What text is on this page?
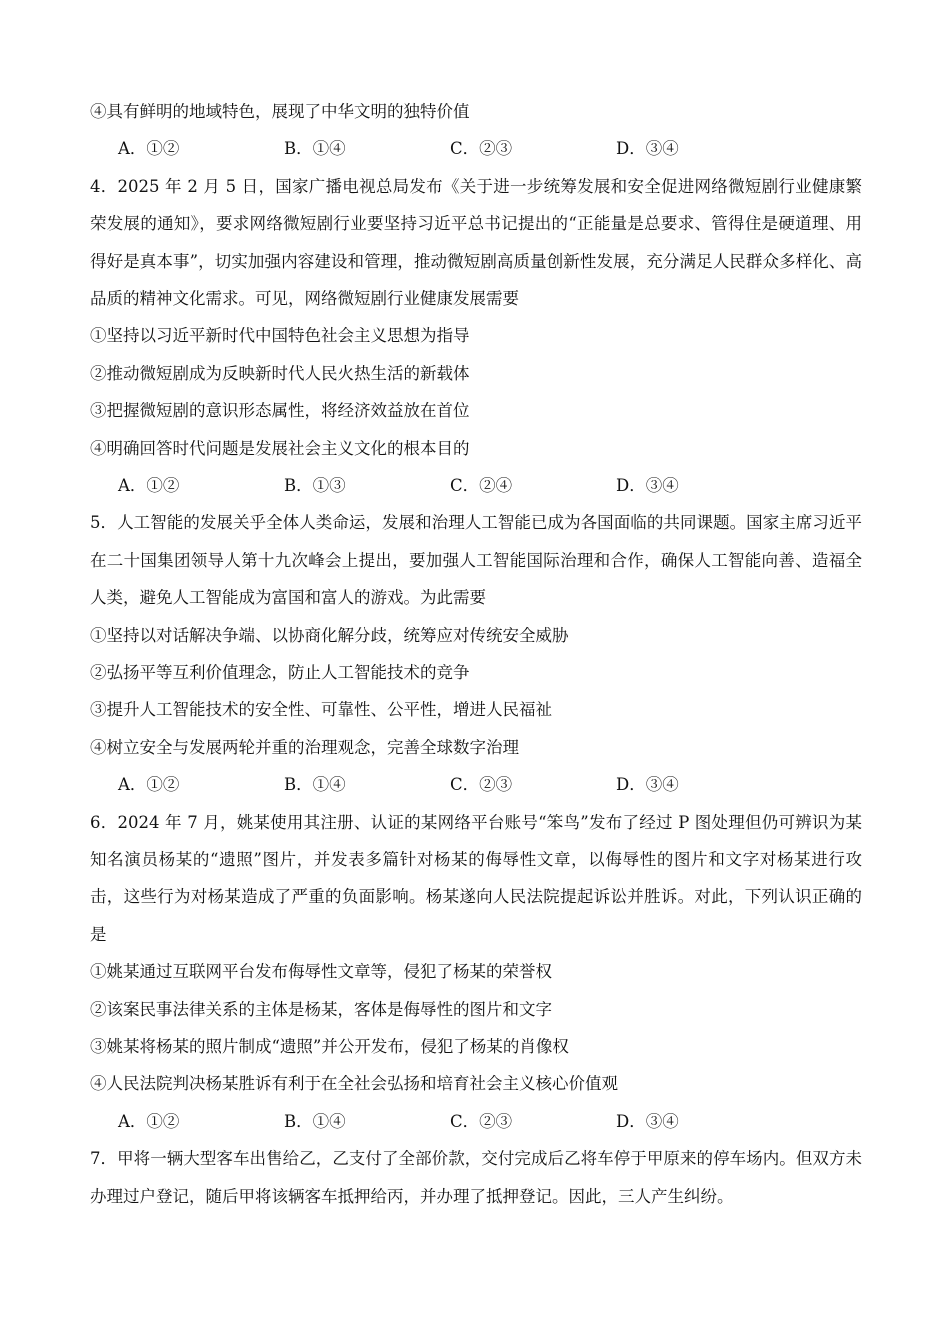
④具有鲜明的地域特色，展现了中华文明的独特价值
A．①②	B．①④	C．②③	D．③④
4．2025 年 2 月 5 日，国家广播电视总局发布《关于进一步统筹发展和安全促进网络微短剧行业健康繁荣发展的通知》，要求网络微短剧行业要坚持习近平总书记提出的“正能量是总要求、管得住是硬道理、用得好是真本事”，切实加强内容建设和管理，推动微短剧高质量创新性发展，充分满足人民群众多样化、高品质的精神文化需求。可见，网络微短剧行业健康发展需要
①坚持以习近平新时代中国特色社会主义思想为指导
②推动微短剧成为反映新时代人民火热生活的新载体
③把握微短剧的意识形态属性，将经济效益放在首位
④明确回答时代问题是发展社会主义文化的根本目的
A．①②	B．①③	C．②④	D．③④
5．人工智能的发展关乎全体人类命运，发展和治理人工智能已成为各国面临的共同课题。国家主席习近平在二十国集团领导人第十九次峰会上提出，要加强人工智能国际治理和合作，确保人工智能向善、造福全人类，避免人工智能成为富国和富人的游戏。为此需要
①坚持以对话解决争端、以协商化解分歧，统筹应对传统安全威胁
②弘扬平等互利价值理念，防止人工智能技术的竞争
③提升人工智能技术的安全性、可靠性、公平性，增进人民福祉
④树立安全与发展两轮并重的治理观念，完善全球数字治理
A．①②	B．①④	C．②③	D．③④
6．2024 年 7 月，姚某使用其注册、认证的某网络平台账号“笨鸟”发布了经过 P 图处理但仍可辨识为某知名演员杨某的“遗照”图片，并发表多篇针对杨某的侮辱性文章，以侮辱性的图片和文字对杨某进行攻击，这些行为对杨某造成了严重的负面影响。杨某遂向人民法院提起诉讼并胜诉。对此，下列认识正确的是
①姚某通过互联网平台发布侮辱性文章等，侵犯了杨某的荣誉权
②该案民事法律关系的主体是杨某，客体是侮辱性的图片和文字
③姚某将杨某的照片制成“遗照”并公开发布，侵犯了杨某的肖像权
④人民法院判决杨某胜诉有利于在全社会弘扬和培育社会主义核心价值观
A．①②	B．①④	C．②③	D．③④
7．甲将一辆大型客车出售给乙，乙支付了全部价款，交付完成后乙将车停于甲原来的停车场内。但双方未办理过户登记，随后甲将该辆客车抵押给丙，并办理了抵押登记。因此，三人产生纠纷。
